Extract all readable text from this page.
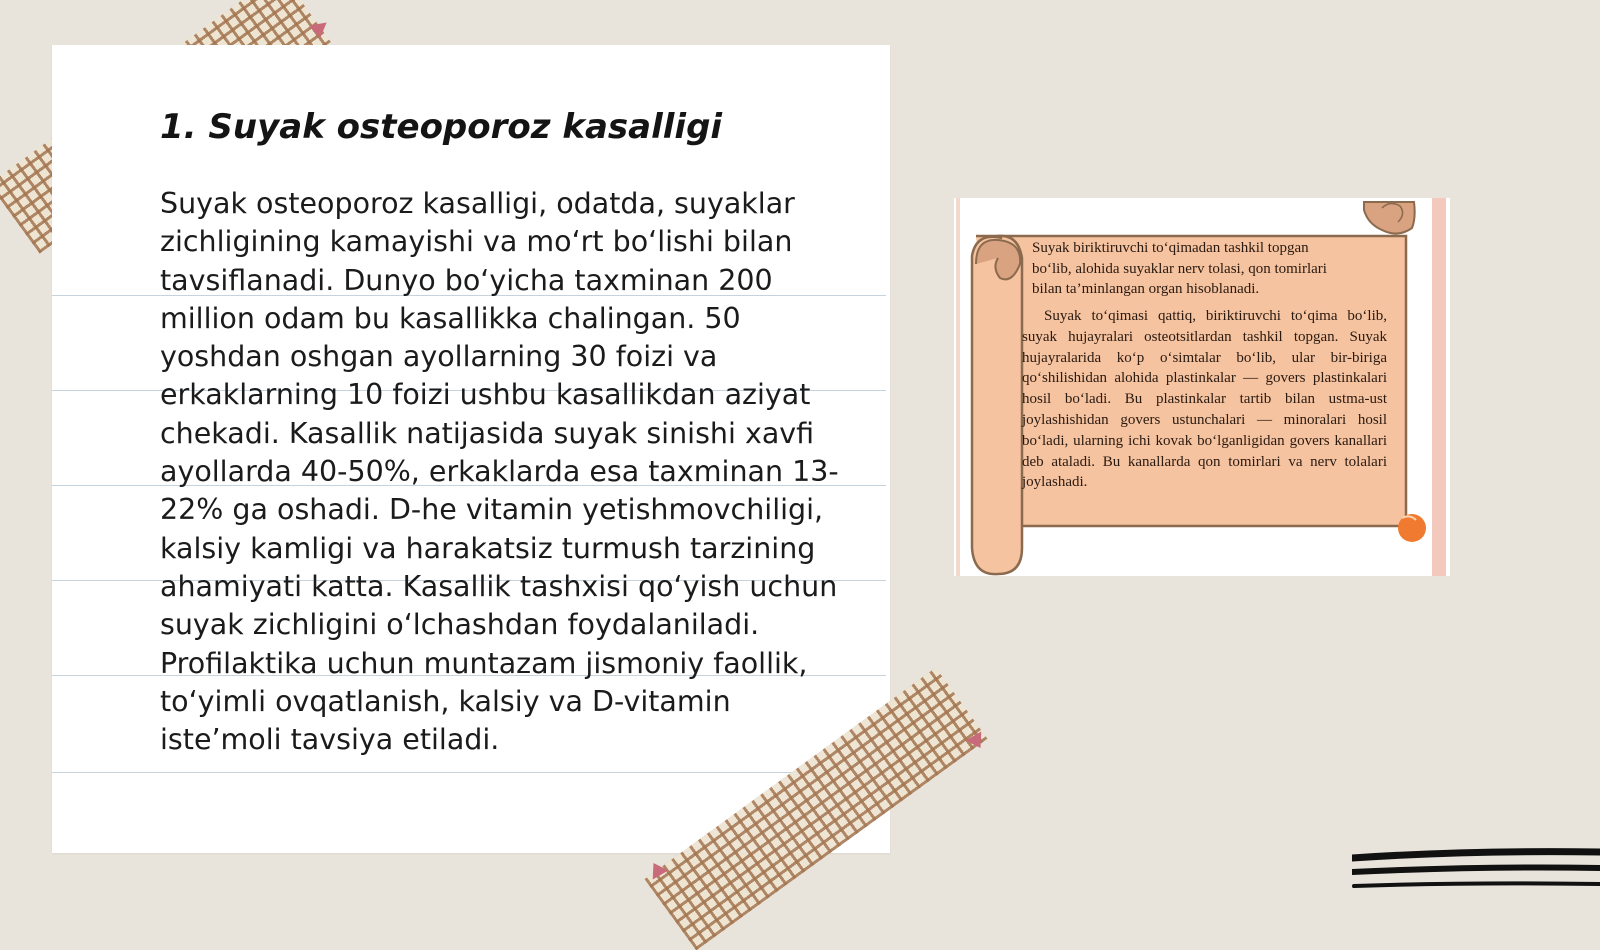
1. Suyak osteoporoz kasalligi

Suyak osteoporoz kasalligi, odatda, suyaklar zichligining kamayishi va mo‘rt bo‘lishi bilan tavsiflanadi. Dunyo bo‘yicha taxminan 200 million odam bu kasallikka chalingan. 50 yoshdan oshgan ayollarning 30 foizi va erkaklarning 10 foizi ushbu kasallikdan aziyat chekadi. Kasallik natijasida suyak sinishi xavfi ayollarda 40-50%, erkaklarda esa taxminan 13-22% ga oshadi. D-he vitamin yetishmovchiligi, kalsiy kamligi va harakatsiz turmush tarzining ahamiyati katta. Kasallik tashxisi qo‘yish uchun suyak zichligini o‘lchashdan foydalaniladi. Profilaktika uchun muntazam jismoniy faollik, to‘yimli ovqatlanish, kalsiy va D-vitamin iste’moli tavsiya etiladi.

Suyak biriktiruvchi to‘qimadan tashkil topgan bo‘lib, alohida suyaklar nerv tolasi, qon tomirlari bilan ta’minlangan organ hisoblanadi.

Suyak to‘qimasi qattiq, biriktiruvchi to‘qima bo‘lib, suyak hujayralari osteotsitlardan tashkil topgan. Suyak hujayralarida ko‘p o‘simtalar bo‘lib, ular bir-biriga qo‘shilishidan alohida plastinkalar — govers plastinkalari hosil bo‘ladi. Bu plastinkalar tartib bilan ustma-ust joylashishidan govers ustunchalari — minoralari hosil bo‘ladi, ularning ichi kovak bo‘lganligidan govers kanallari deb ataladi. Bu kanallarda qon tomirlari va nerv tolalari joylashadi.
